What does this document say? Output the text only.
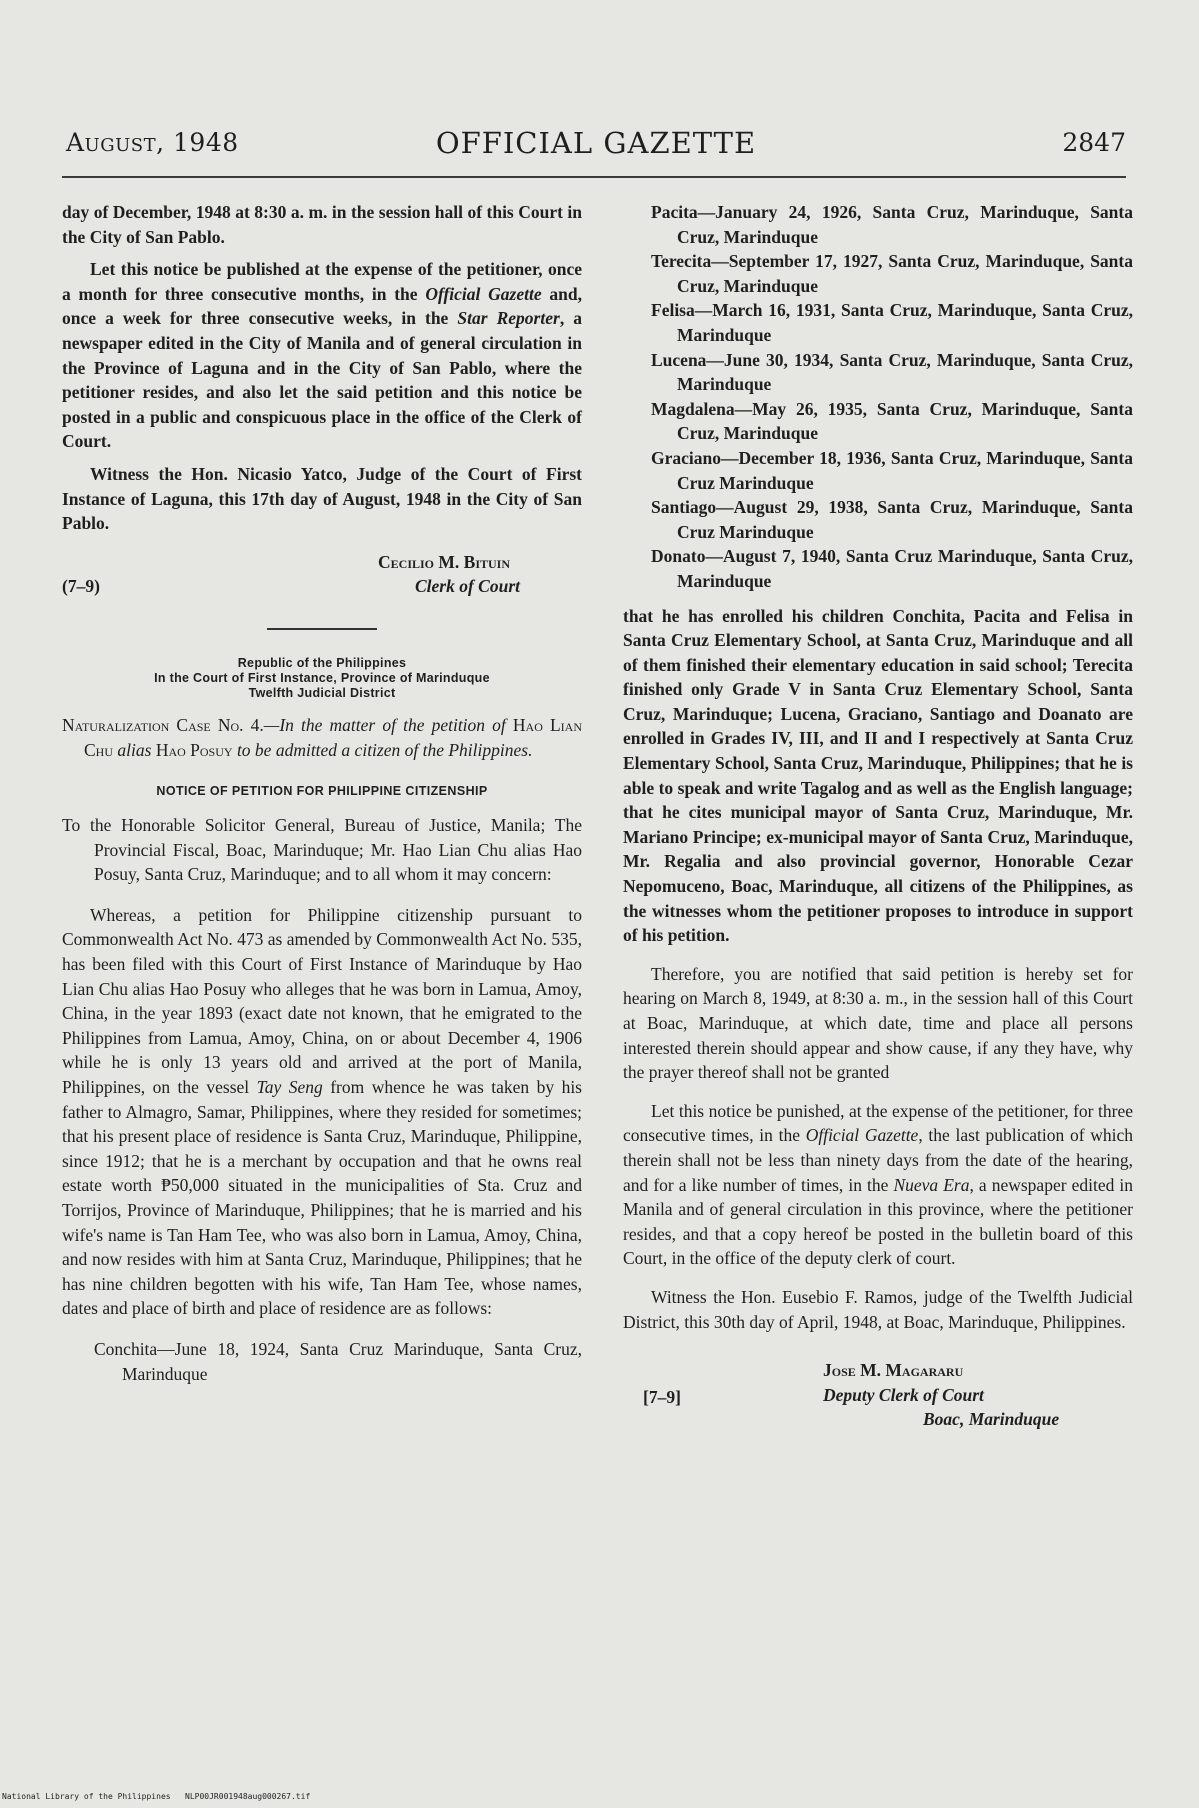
August, 1948	OFFICIAL GAZETTE	2847

day of December, 1948 at 8:30 a. m. in the session hall of this Court in the City of San Pablo.

Let this notice be published at the expense of the petitioner, once a month for three consecutive months, in the Official Gazette and, once a week for three consecutive weeks, in the Star Reporter, a newspaper edited in the City of Manila and of general circulation in the Province of Laguna and in the City of San Pablo, where the petitioner resides, and also let the said petition and this notice be posted in a public and conspicuous place in the office of the Clerk of Court.

Witness the Hon. Nicasio Yatco, Judge of the Court of First Instance of Laguna, this 17th day of August, 1948 in the City of San Pablo.

Cecilio M. Bituin
(7–9)	Clerk of Court
Republic of the Philippines
In the Court of First Instance, Province of Marinduque
Twelfth Judicial District

Naturalization Case No. 4.—In the matter of the petition of Hao Lian Chu alias Hao Posuy to be admitted a citizen of the Philippines.

NOTICE OF PETITION FOR PHILIPPINE CITIZENSHIP

To the Honorable Solicitor General, Bureau of Justice, Manila; The Provincial Fiscal, Boac, Marinduque; Mr. Hao Lian Chu alias Hao Posuy, Santa Cruz, Marinduque; and to all whom it may concern:

Whereas, a petition for Philippine citizenship pursuant to Commonwealth Act No. 473 as amended by Commonwealth Act No. 535, has been filed with this Court of First Instance of Marinduque by Hao Lian Chu alias Hao Posuy who alleges that he was born in Lamua, Amoy, China, in the year 1893 (exact date not known, that he emigrated to the Philippines from Lamua, Amoy, China, on or about December 4, 1906 while he is only 13 years old and arrived at the port of Manila, Philippines, on the vessel Tay Seng from whence he was taken by his father to Almagro, Samar, Philippines, where they resided for sometimes; that his present place of residence is Santa Cruz, Marinduque, Philippine, since 1912; that he is a merchant by occupation and that he owns real estate worth ₱50,000 situated in the municipalities of Sta. Cruz and Torrijos, Province of Marinduque, Philippines; that he is married and his wife's name is Tan Ham Tee, who was also born in Lamua, Amoy, China, and now resides with him at Santa Cruz, Marinduque, Philippines; that he has nine children begotten with his wife, Tan Ham Tee, whose names, dates and place of birth and place of residence are as follows:

Conchita—June 18, 1924, Santa Cruz Marinduque, Santa Cruz, Marinduque

Pacita—January 24, 1926, Santa Cruz, Marinduque, Santa Cruz, Marinduque

Terecita—September 17, 1927, Santa Cruz, Marinduque, Santa Cruz, Marinduque

Felisa—March 16, 1931, Santa Cruz, Marinduque, Santa Cruz, Marinduque

Lucena—June 30, 1934, Santa Cruz, Marinduque, Santa Cruz, Marinduque

Magdalena—May 26, 1935, Santa Cruz, Marinduque, Santa Cruz, Marinduque

Graciano—December 18, 1936, Santa Cruz, Marinduque, Santa Cruz Marinduque

Santiago—August 29, 1938, Santa Cruz, Marinduque, Santa Cruz Marinduque

Donato—August 7, 1940, Santa Cruz Marinduque, Santa Cruz, Marinduque

that he has enrolled his children Conchita, Pacita and Felisa in Santa Cruz Elementary School, at Santa Cruz, Marinduque and all of them finished their elementary education in said school; Terecita finished only Grade V in Santa Cruz Elementary School, Santa Cruz, Marinduque; Lucena, Graciano, Santiago and Doanato are enrolled in Grades IV, III, and II and I respectively at Santa Cruz Elementary School, Santa Cruz, Marinduque, Philippines; that he is able to speak and write Tagalog and as well as the English language; that he cites municipal mayor of Santa Cruz, Marinduque, Mr. Mariano Principe; ex-municipal mayor of Santa Cruz, Marinduque, Mr. Regalia and also provincial governor, Honorable Cezar Nepomuceno, Boac, Marinduque, all citizens of the Philippines, as the witnesses whom the petitioner proposes to introduce in support of his petition.

Therefore, you are notified that said petition is hereby set for hearing on March 8, 1949, at 8:30 a. m., in the session hall of this Court at Boac, Marinduque, at which date, time and place all persons interested therein should appear and show cause, if any they have, why the prayer thereof shall not be granted

Let this notice be punished, at the expense of the petitioner, for three consecutive times, in the Official Gazette, the last publication of which therein shall not be less than ninety days from the date of the hearing, and for a like number of times, in the Nueva Era, a newspaper edited in Manila and of general circulation in this province, where the petitioner resides, and that a copy hereof be posted in the bulletin board of this Court, in the office of the deputy clerk of court.

Witness the Hon. Eusebio F. Ramos, judge of the Twelfth Judicial District, this 30th day of April, 1948, at Boac, Marinduque, Philippines.

Jose M. Magararu
[7–9]	Deputy Clerk of Court
Boac, Marinduque
National Library of the Philippines NLP00JR001948aug000267.tif
